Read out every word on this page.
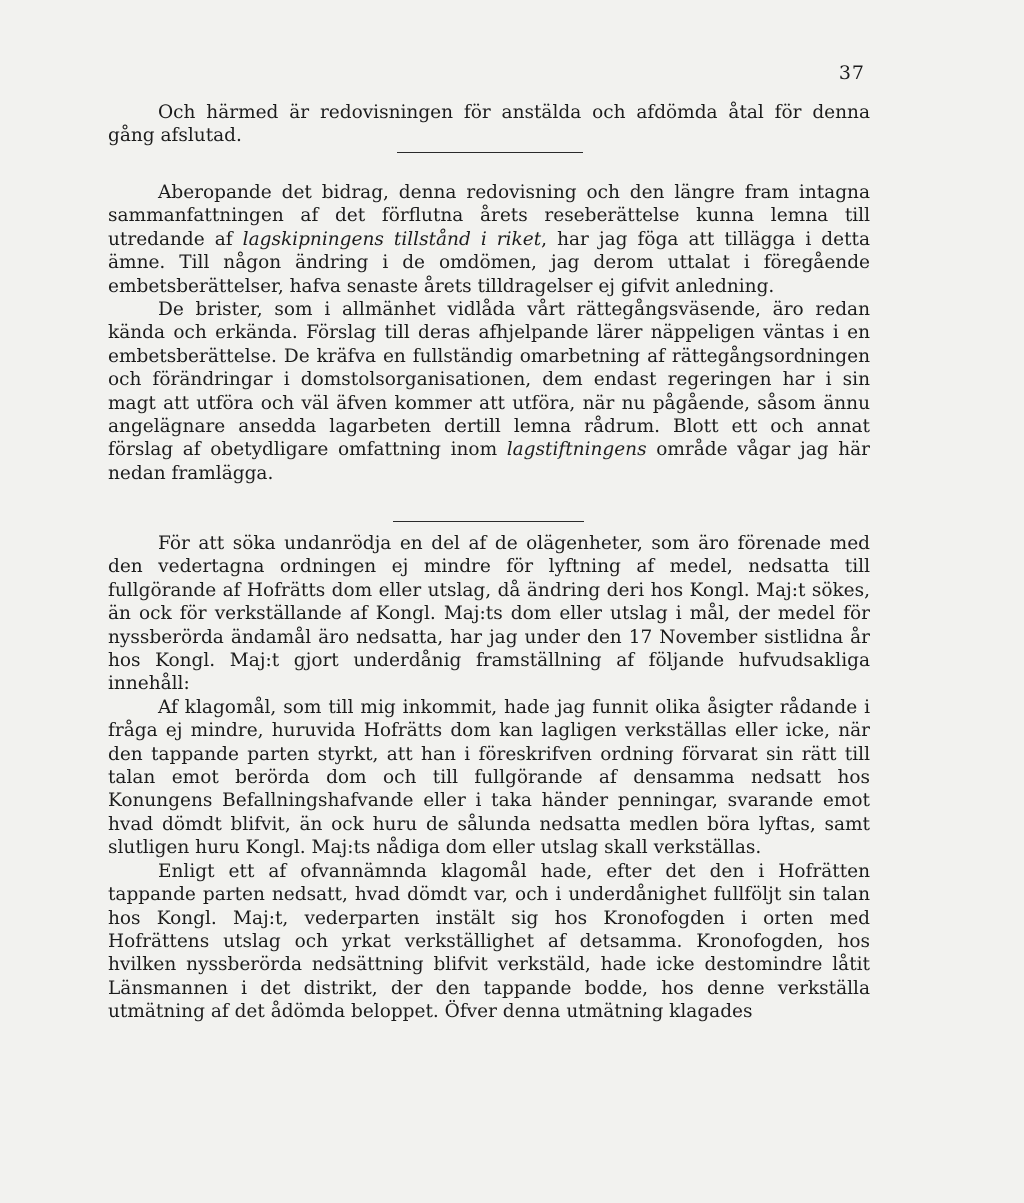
37

Och härmed är redovisningen för anstälda och afdömda åtal för denna gång afslutad.

Aberopande det bidrag, denna redovisning och den längre fram intagna sammanfattningen af det förflutna årets reseberättelse kunna lemna till utredande af lagskipningens tillstånd i riket, har jag föga att tillägga i detta ämne. Till någon ändring i de omdömen, jag derom uttalat i föregående embetsberättelser, hafva senaste årets tilldragelser ej gifvit anledning.

De brister, som i allmänhet vidlåda vårt rättegångsväsende, äro redan kända och erkända. Förslag till deras afhjelpande lärer näppeligen väntas i en embetsberättelse. De kräfva en fullständig omarbetning af rättegångsordningen och förändringar i domstolsorganisationen, dem endast regeringen har i sin magt att utföra och väl äfven kommer att utföra, när nu pågående, såsom ännu angelägnare ansedda lagarbeten dertill lemna rådrum. Blott ett och annat förslag af obetydligare omfattning inom lagstiftningens område vågar jag här nedan framlägga.

För att söka undanrödja en del af de olägenheter, som äro förenade med den vedertagna ordningen ej mindre för lyftning af medel, nedsatta till fullgörande af Hofrätts dom eller utslag, då ändring deri hos Kongl. Maj:t sökes, än ock för verkställande af Kongl. Maj:ts dom eller utslag i mål, der medel för nyssberörda ändamål äro nedsatta, har jag under den 17 November sistlidna år hos Kongl. Maj:t gjort underdånig framställning af följande hufvudsakliga innehåll:

Af klagomål, som till mig inkommit, hade jag funnit olika åsigter rådande i fråga ej mindre, huruvida Hofrätts dom kan lagligen verkställas eller icke, när den tappande parten styrkt, att han i föreskrifven ordning förvarat sin rätt till talan emot berörda dom och till fullgörande af densamma nedsatt hos Konungens Befallningshafvande eller i taka händer penningar, svarande emot hvad dömdt blifvit, än ock huru de sålunda nedsatta medlen böra lyftas, samt slutligen huru Kongl. Maj:ts nådiga dom eller utslag skall verkställas.

Enligt ett af ofvannämnda klagomål hade, efter det den i Hofrätten tappande parten nedsatt, hvad dömdt var, och i underdånighet fullföljt sin talan hos Kongl. Maj:t, vederparten instält sig hos Kronofogden i orten med Hofrättens utslag och yrkat verkställighet af detsamma. Kronofogden, hos hvilken nyssberörda nedsättning blifvit verkstäld, hade icke destomindre låtit Länsmannen i det distrikt, der den tappande bodde, hos denne verkställa utmätning af det ådömda beloppet. Öfver denna utmätning klagades
